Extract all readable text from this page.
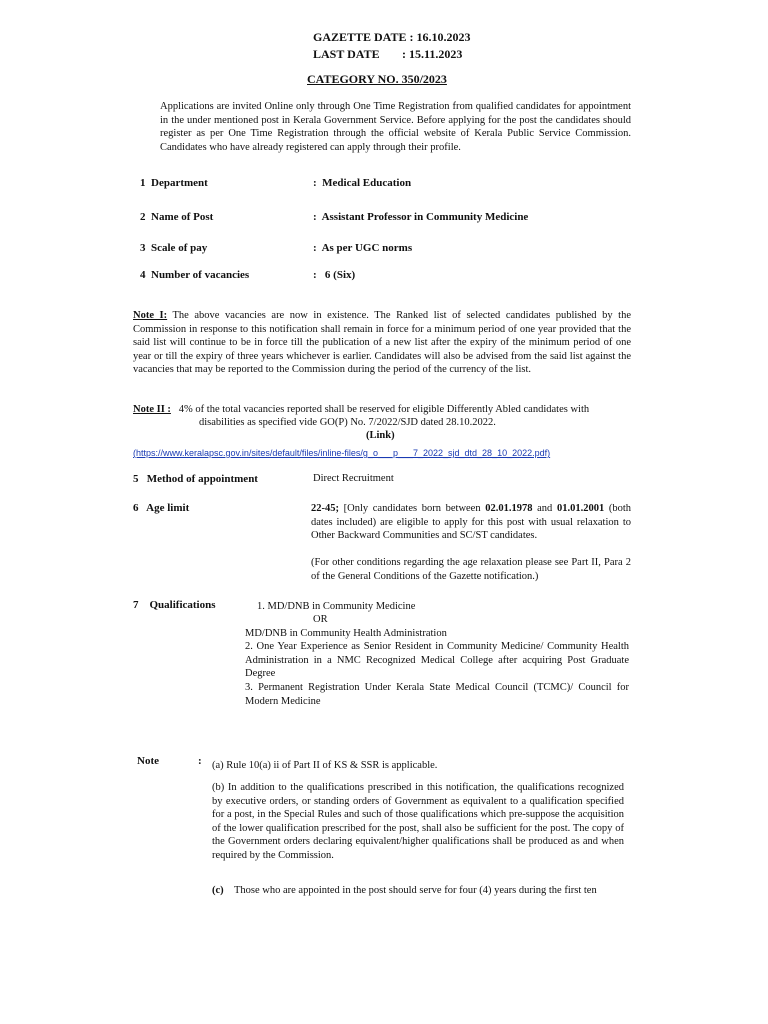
GAZETTE DATE : 16.10.2023
LAST DATE : 15.11.2023
CATEGORY NO. 350/2023
Applications are invited Online only through One Time Registration from qualified candidates for appointment in the under mentioned post in Kerala Government Service. Before applying for the post the candidates should register as per One Time Registration through the official website of Kerala Public Service Commission. Candidates who have already registered can apply through their profile.
1 Department	:  Medical Education
2 Name of Post	:  Assistant Professor in Community Medicine
3 Scale of pay	:  As per UGC norms
4 Number of vacancies	:   6 (Six)
Note I: The above vacancies are now in existence. The Ranked list of selected candidates published by the Commission in response to this notification shall remain in force for a minimum period of one year provided that the said list will continue to be in force till the publication of a new list after the expiry of the minimum period of one year or till the expiry of three years whichever is earlier. Candidates will also be advised from the said list against the vacancies that may be reported to the Commission during the period of the currency of the list.
Note II : 4% of the total vacancies reported shall be reserved for eligible Differently Abled candidates with
disabilities as specified vide GO(P) No. 7/2022/SJD dated 28.10.2022.
(Link)
(https://www.keralapsc.gov.in/sites/default/files/inline-files/g_o___p___7_2022_sjd_dtd_28_10_2022.pdf)
5 Method of appointment	Direct Recruitment
6 Age limit	22-45; [Only candidates born between 02.01.1978 and 01.01.2001 (both dates included) are eligible to apply for this post with usual relaxation to Other Backward Communities and SC/ST candidates.
(For other conditions regarding the age relaxation please see Part II, Para 2 of the General Conditions of the Gazette notification.)
7 Qualifications	1. MD/DNB in Community Medicine
OR
MD/DNB in Community Health Administration
2. One Year Experience as Senior Resident in Community Medicine/ Community Health Administration in a NMC Recognized Medical College after acquiring Post Graduate Degree
3. Permanent Registration Under Kerala State Medical Council (TCMC)/ Council for Modern Medicine
Note	: (a) Rule 10(a) ii of Part II of KS & SSR is applicable.
(b) In addition to the qualifications prescribed in this notification, the qualifications recognized by executive orders, or standing orders of Government as equivalent to a qualification specified for a post, in the Special Rules and such of those qualifications which pre-suppose the acquisition of the lower qualification prescribed for the post, shall also be sufficient for the post. The copy of the Government orders declaring equivalent/higher qualifications shall be produced as and when required by the Commission.
(c) Those who are appointed in the post should serve for four (4) years during the first ten
